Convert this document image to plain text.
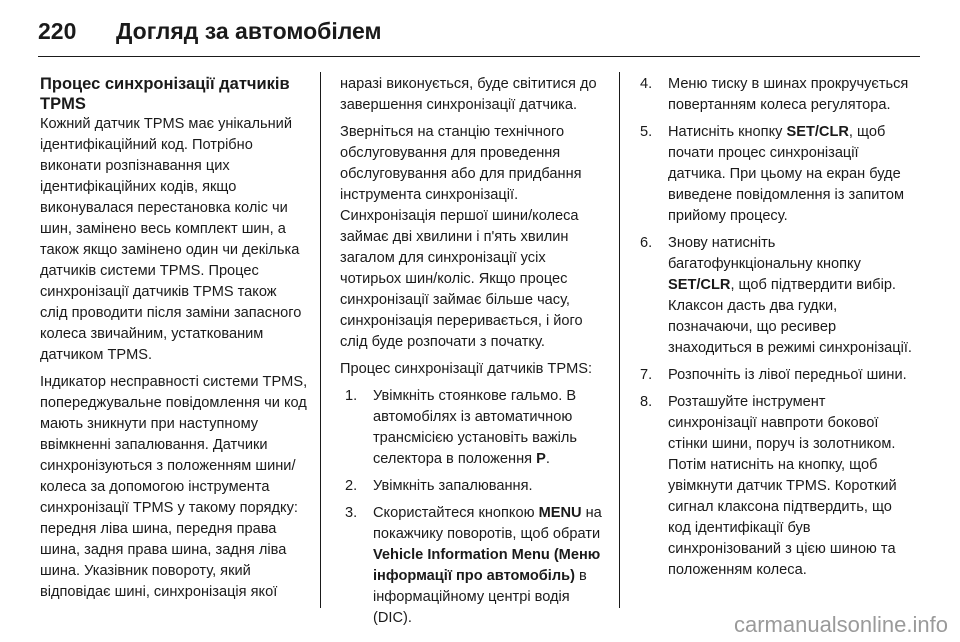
220 Догляд за автомобілем
Процес синхронізації датчиків TPMS

Кожний датчик TPMS має унікальний ідентифікаційний код. Потрібно виконати розпізнавання цих ідентифікаційних кодів, якщо виконувалася перестановка коліс чи шин, замінено весь комплект шин, а також якщо замінено один чи декілька датчиків системи TPMS. Процес синхронізації датчиків TPMS також слід проводити після заміни запасного колеса звичайним, устаткованим датчиком TPMS.

Індикатор несправності системи TPMS, попереджувальне повідомлення чи код мають зникнути при наступному ввімкненні запалювання. Датчики синхронізуються з положенням шини/колеса за допомогою інструмента синхронізації TPMS у такому порядку: передня ліва шина, передня права шина, задня права шина, задня ліва шина. Указівник повороту, який відповідає шині, синхронізація якої

наразі виконується, буде світитися до завершення синхронізації датчика.

Зверніться на станцію технічного обслуговування для проведення обслуговування або для придбання інструмента синхронізації. Синхронізація першої шини/колеса займає дві хвилини і п'ять хвилин загалом для синхронізації усіх чотирьох шин/коліс. Якщо процес синхронізації займає більше часу, синхронізація переривається, і його слід буде розпочати з початку.

Процес синхронізації датчиків TPMS:

1. Увімкніть стоянкове гальмо. В автомобілях із автоматичною трансмісією установіть важіль селектора в положення P.
2. Увімкніть запалювання.
3. Скористайтеся кнопкою MENU на покажчику поворотів, щоб обрати Vehicle Information Menu (Меню інформації про автомобіль) в інформаційному центрі водія (DIC).
4. Меню тиску в шинах прокручується повертанням колеса регулятора.
5. Натисніть кнопку SET/CLR, щоб почати процес синхронізації датчика. При цьому на екран буде виведене повідомлення із запитом прийому процесу.
6. Знову натисніть багатофункціональну кнопку SET/CLR, щоб підтвердити вибір. Клаксон дасть два гудки, позначаючи, що ресивер знаходиться в режимі синхронізації.
7. Розпочніть із лівої передньої шини.
8. Розташуйте інструмент синхронізації навпроти бокової стінки шини, поруч із золотником. Потім натисніть на кнопку, щоб увімкнути датчик TPMS. Короткий сигнал клаксона підтвердить, що код ідентифікації був синхронізований з цією шиною та положенням колеса.
carmanualsonline.info
